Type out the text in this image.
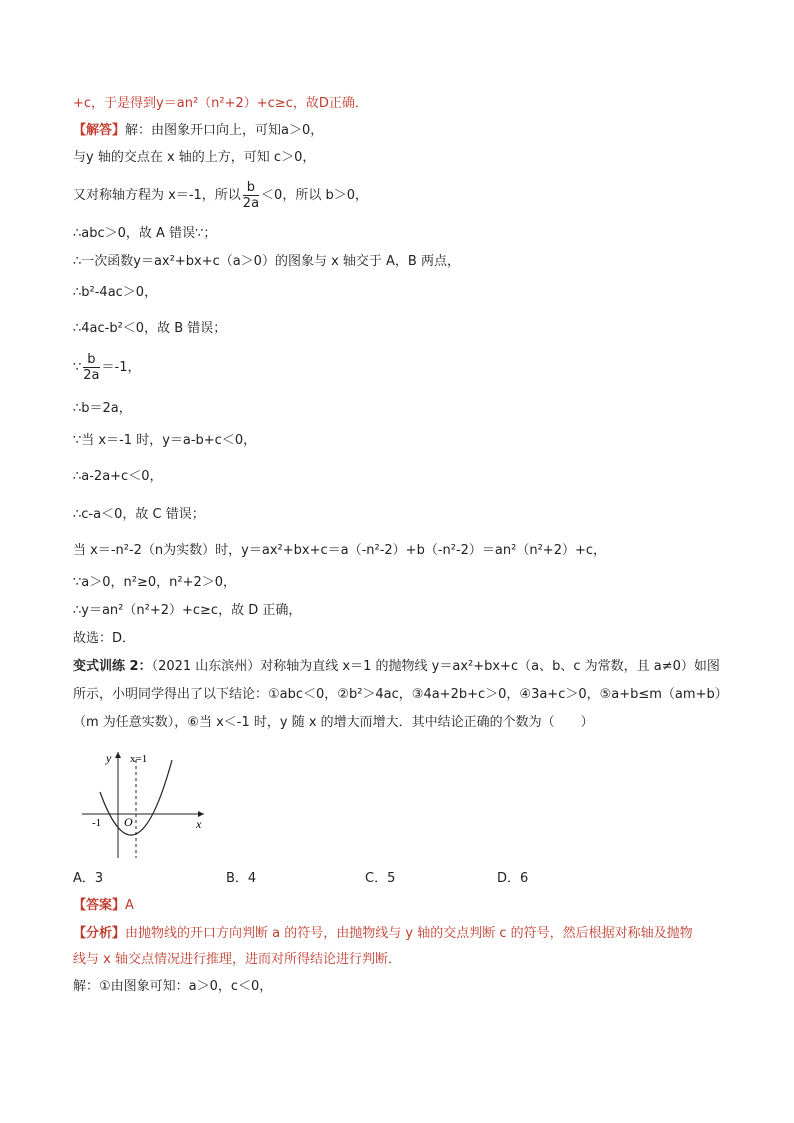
+c，于是得到y＝an²（n²+2）+c≥c，故D正确．
【解答】解：由图象开口向上，可知a＞0，
与y 轴的交点在 x 轴的上方，可知 c＞0，
又对称轴方程为 x＝-1，所以 $\frac{b}{2a} <0$，所以 b＞0，
∴abc＞0，故 A 错误∵；
∴一次函数y＝ax²+bx+c（a＞0）的图象与 x 轴交于 A，B 两点，
∴b²-4ac＞0，
∴4ac-b²＜0，故 B 错误；
∵ $\frac{b}{2a} =-1$，
∴b＝2a，
∵当 x＝-1 时，y＝a-b+c＜0，
∴a-2a+c＜0，
∴c-a＜0，故 C 错误；
当 x＝-n²-2（n为实数）时，y＝ax²+bx+c＝a（-n²-2）+b（-n²-2）＝an²（n²+2）+c，
∵a＞0，n²≥0，n²+2＞0，
∴y＝an²（n²+2）+c≥c，故 D 正确，
故选：D．
变式训练 2：（2021 山东滨州）对称轴为直线 x＝1 的抛物线 y＝ax²+bx+c（a、b、c 为常数，且 a≠0）如图
所示，小明同学得出了以下结论：①abc＜0，②b²＞4ac，③4a+2b+c＞0，④3a+c＞0，⑤a+b≤m（am+b）
（m 为任意实数），⑥当 x＜-1 时，y 随 x 的增大而增大．其中结论正确的个数为（　　）
y
x
x=1
O
-1
A．3	B．4	C．5	D．6
【答案】A
【分析】由抛物线的开口方向判断 a 的符号，由抛物线与 y 轴的交点判断 c 的符号，然后根据对称轴及抛物
线与 x 轴交点情况进行推理，进而对所得结论进行判断．
解：①由图象可知：a＞0，c＜0，
